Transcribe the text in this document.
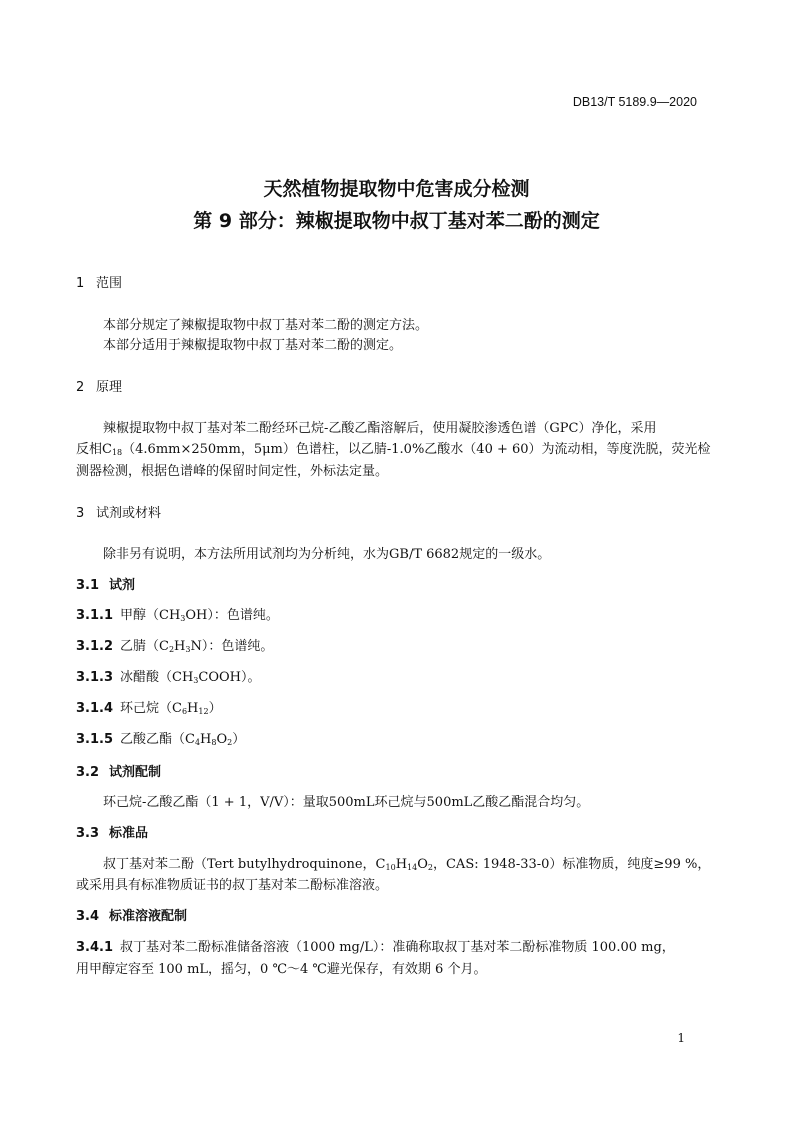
DB13/T 5189.9—2020
天然植物提取物中危害成分检测
第 9 部分：辣椒提取物中叔丁基对苯二酚的测定
1 范围
本部分规定了辣椒提取物中叔丁基对苯二酚的测定方法。
本部分适用于辣椒提取物中叔丁基对苯二酚的测定。
2 原理
辣椒提取物中叔丁基对苯二酚经环己烷-乙酸乙酯溶解后，使用凝胶渗透色谱（GPC）净化，采用
反相$C_{18}(4.6mm\times 250mm$，5μm）色谱柱，以乙腈-1.0%乙酸水（40 + 60）为流动相，等度洗脱，荧光检
测器检测，根据色谱峰的保留时间定性，外标法定量。
3 试剂或材料
除非另有说明，本方法所用试剂均为分析纯，水为GB/T 6682规定的一级水。
3.1 试剂
3.1.1 甲醇$(CH_3OH)$：色谱纯。
3.1.2 乙腈$(C_2H_3N)$：色谱纯。
3.1.3 冰醋酸$(CH_3COOH)$。
3.1.4 环己烷$(C_6H_{12})$
3.1.5 乙酸乙酯$(C_4H_8O_2)$
3.2 试剂配制
环己烷-乙酸乙酯（1 + 1，V/V）：量取500mL环己烷与500mL乙酸乙酯混合均匀。
3.3 标准品
叔丁基对苯二酚（Tert butylhydroquinone，$C_{10}H_{14}O_2$，CAS: 1948-33-0）标准物质，纯度≥99 %，
或采用具有标准物质证书的叔丁基对苯二酚标准溶液。
3.4 标准溶液配制
3.4.1 叔丁基对苯二酚标准储备溶液（1000 mg/L）：准确称取叔丁基对苯二酚标准物质 100.00 mg，
用甲醇定容至 100 mL，摇匀，0 ℃～4 ℃避光保存，有效期 6 个月。
1
